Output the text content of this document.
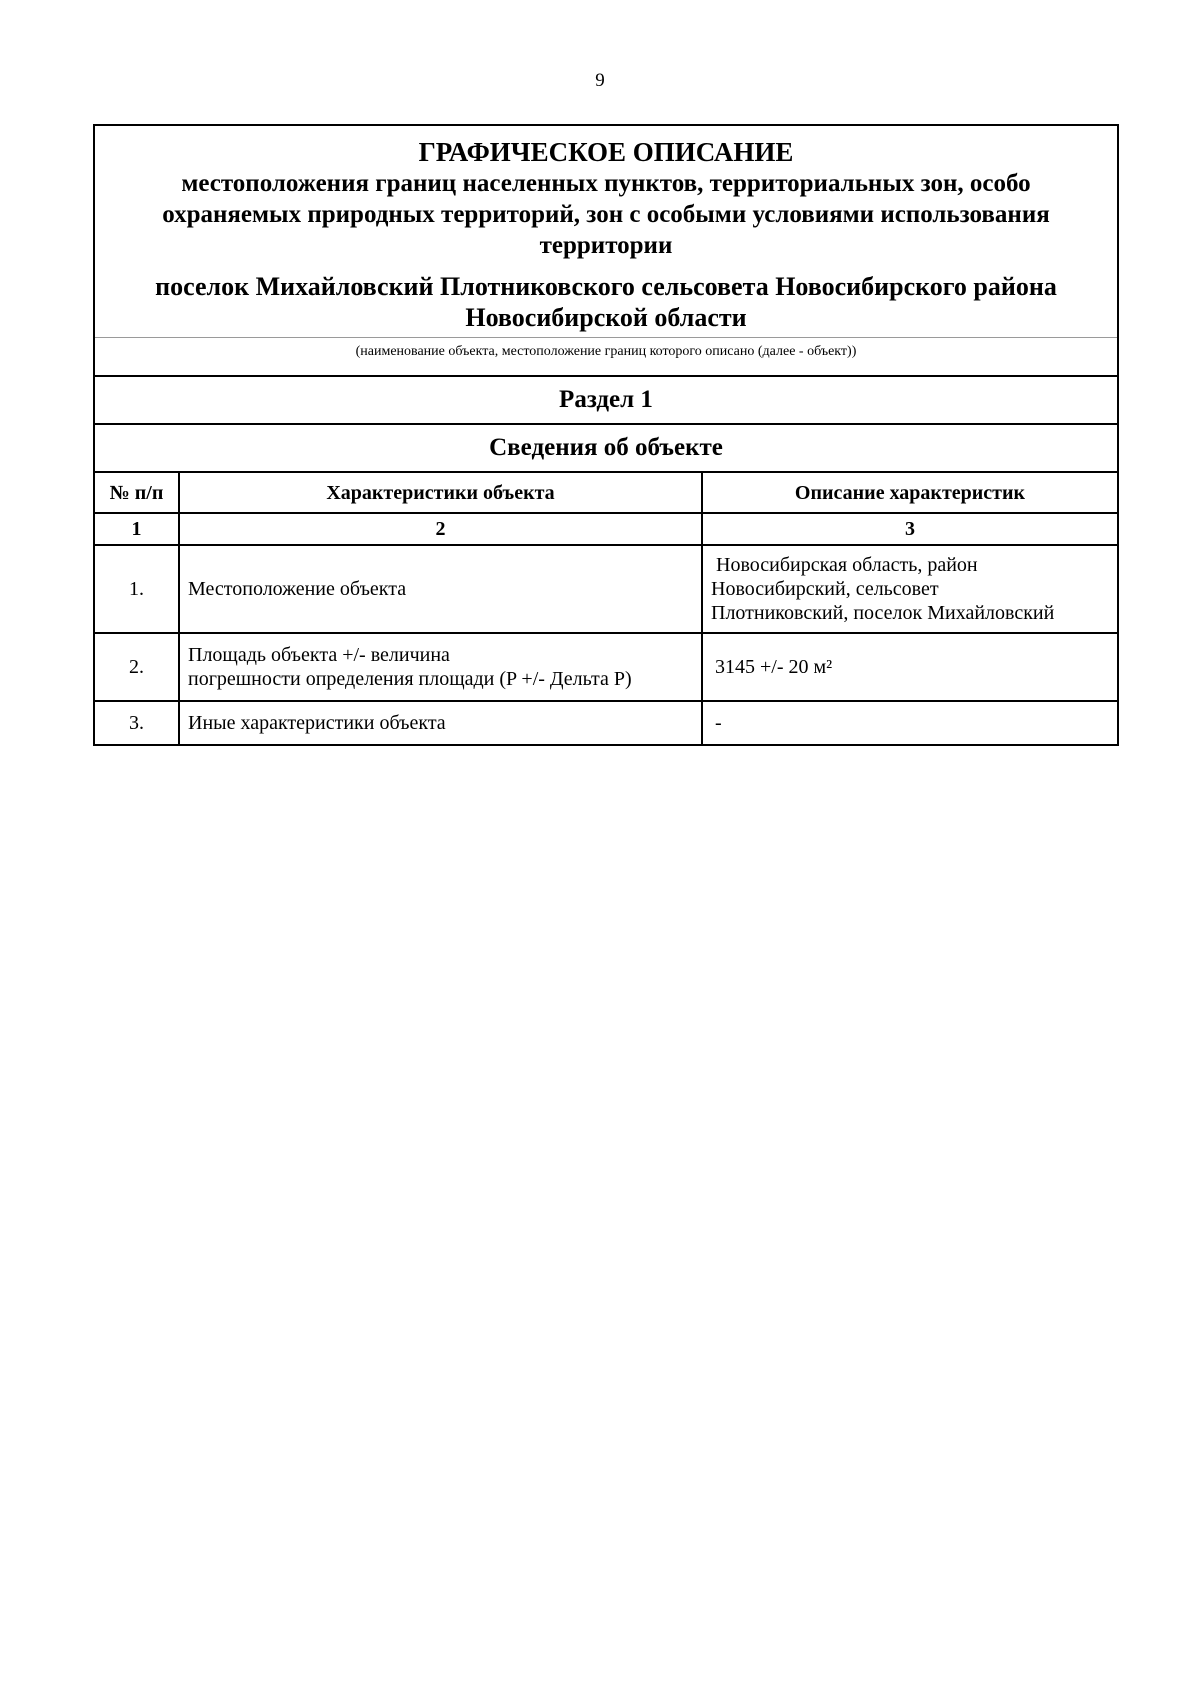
9
ГРАФИЧЕСКОЕ ОПИСАНИЕ
местоположения границ населенных пунктов, территориальных зон, особо
охраняемых природных территорий, зон с особыми условиями использования
территории
поселок Михайловский Плотниковского сельсовета Новосибирского района
Новосибирской области
(наименование объекта, местоположение границ которого описано (далее - объект))
Раздел 1
Сведения об объекте
№ п/п	Характеристики объекта	Описание характеристик
1	2	3
1.	Местоположение объекта	Новосибирская область, район
Новосибирский, сельсовет
Плотниковский, поселок Михайловский

2.	Площадь объекта +/- величина
погрешности определения площади (P +/- Дельта P)	3145 +/- 20 м²

3.	Иные характеристики объекта	-
